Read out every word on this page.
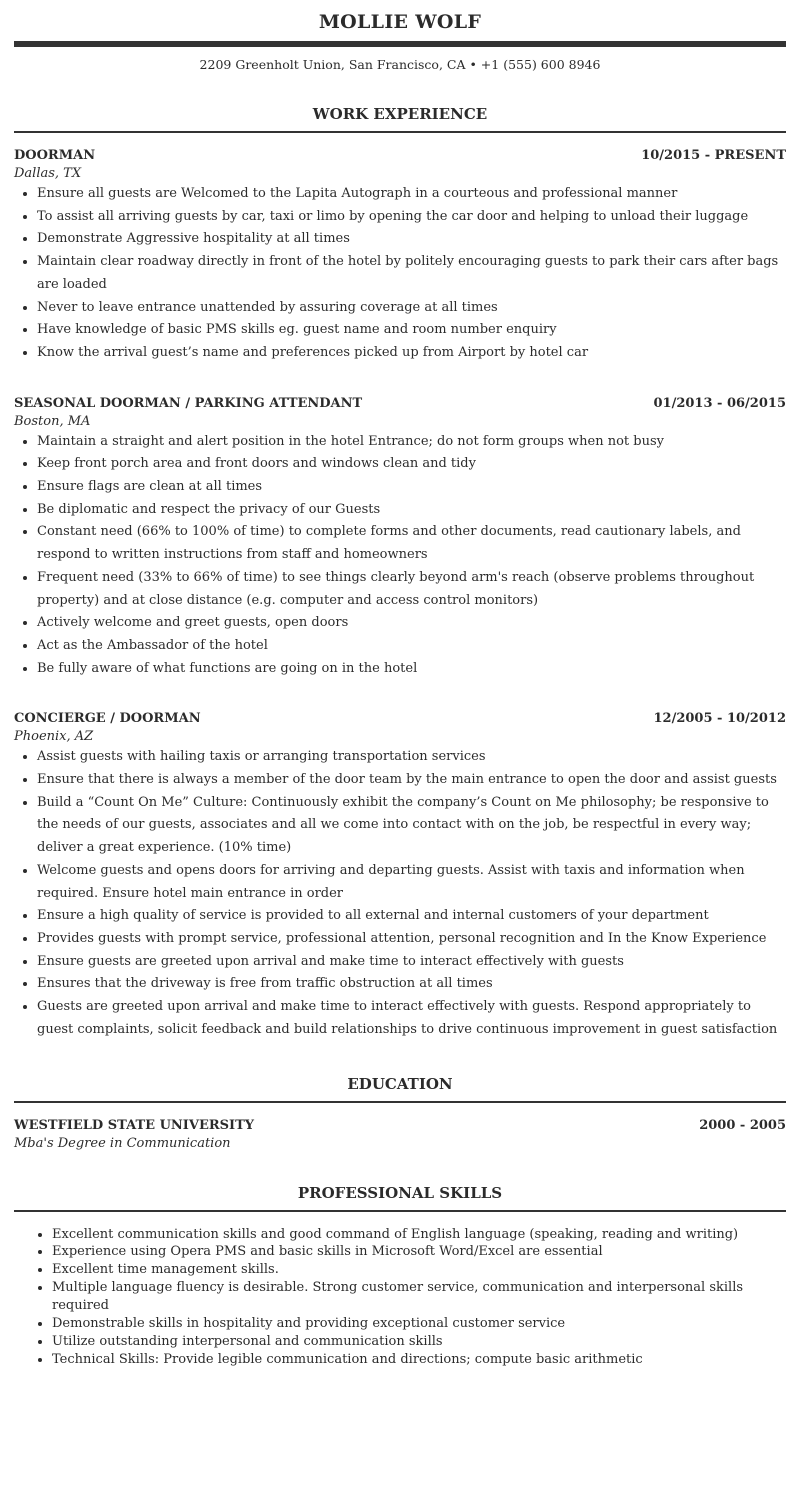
MOLLIE WOLF
2209 Greenholt Union, San Francisco, CA • +1 (555) 600 8946
WORK EXPERIENCE
DOORMAN	10/2015 - PRESENT
Dallas, TX
• Ensure all guests are Welcomed to the Lapita Autograph in a courteous and professional manner
• To assist all arriving guests by car, taxi or limo by opening the car door and helping to unload their luggage
• Demonstrate Aggressive hospitality at all times
• Maintain clear roadway directly in front of the hotel by politely encouraging guests to park their cars after bags are loaded
• Never to leave entrance unattended by assuring coverage at all times
• Have knowledge of basic PMS skills eg. guest name and room number enquiry
• Know the arrival guest’s name and preferences picked up from Airport by hotel car
SEASONAL DOORMAN / PARKING ATTENDANT	01/2013 - 06/2015
Boston, MA
• Maintain a straight and alert position in the hotel Entrance; do not form groups when not busy
• Keep front porch area and front doors and windows clean and tidy
• Ensure flags are clean at all times
• Be diplomatic and respect the privacy of our Guests
• Constant need (66% to 100% of time) to complete forms and other documents, read cautionary labels, and respond to written instructions from staff and homeowners
• Frequent need (33% to 66% of time) to see things clearly beyond arm's reach (observe problems throughout property) and at close distance (e.g. computer and access control monitors)
• Actively welcome and greet guests, open doors
• Act as the Ambassador of the hotel
• Be fully aware of what functions are going on in the hotel
CONCIERGE / DOORMAN	12/2005 - 10/2012
Phoenix, AZ
• Assist guests with hailing taxis or arranging transportation services
• Ensure that there is always a member of the door team by the main entrance to open the door and assist guests
• Build a “Count On Me” Culture: Continuously exhibit the company’s Count on Me philosophy; be responsive to the needs of our guests, associates and all we come into contact with on the job, be respectful in every way; deliver a great experience. (10% time)
• Welcome guests and opens doors for arriving and departing guests. Assist with taxis and information when required. Ensure hotel main entrance in order
• Ensure a high quality of service is provided to all external and internal customers of your department
• Provides guests with prompt service, professional attention, personal recognition and In the Know Experience
• Ensure guests are greeted upon arrival and make time to interact effectively with guests
• Ensures that the driveway is free from traffic obstruction at all times
• Guests are greeted upon arrival and make time to interact effectively with guests. Respond appropriately to guest complaints, solicit feedback and build relationships to drive continuous improvement in guest satisfaction
EDUCATION
WESTFIELD STATE UNIVERSITY	2000 - 2005
Mba's Degree in Communication
PROFESSIONAL SKILLS
• Excellent communication skills and good command of English language (speaking, reading and writing)
• Experience using Opera PMS and basic skills in Microsoft Word/Excel are essential
• Excellent time management skills.
• Multiple language fluency is desirable. Strong customer service, communication and interpersonal skills required
• Demonstrable skills in hospitality and providing exceptional customer service
• Utilize outstanding interpersonal and communication skills
• Technical Skills: Provide legible communication and directions; compute basic arithmetic
